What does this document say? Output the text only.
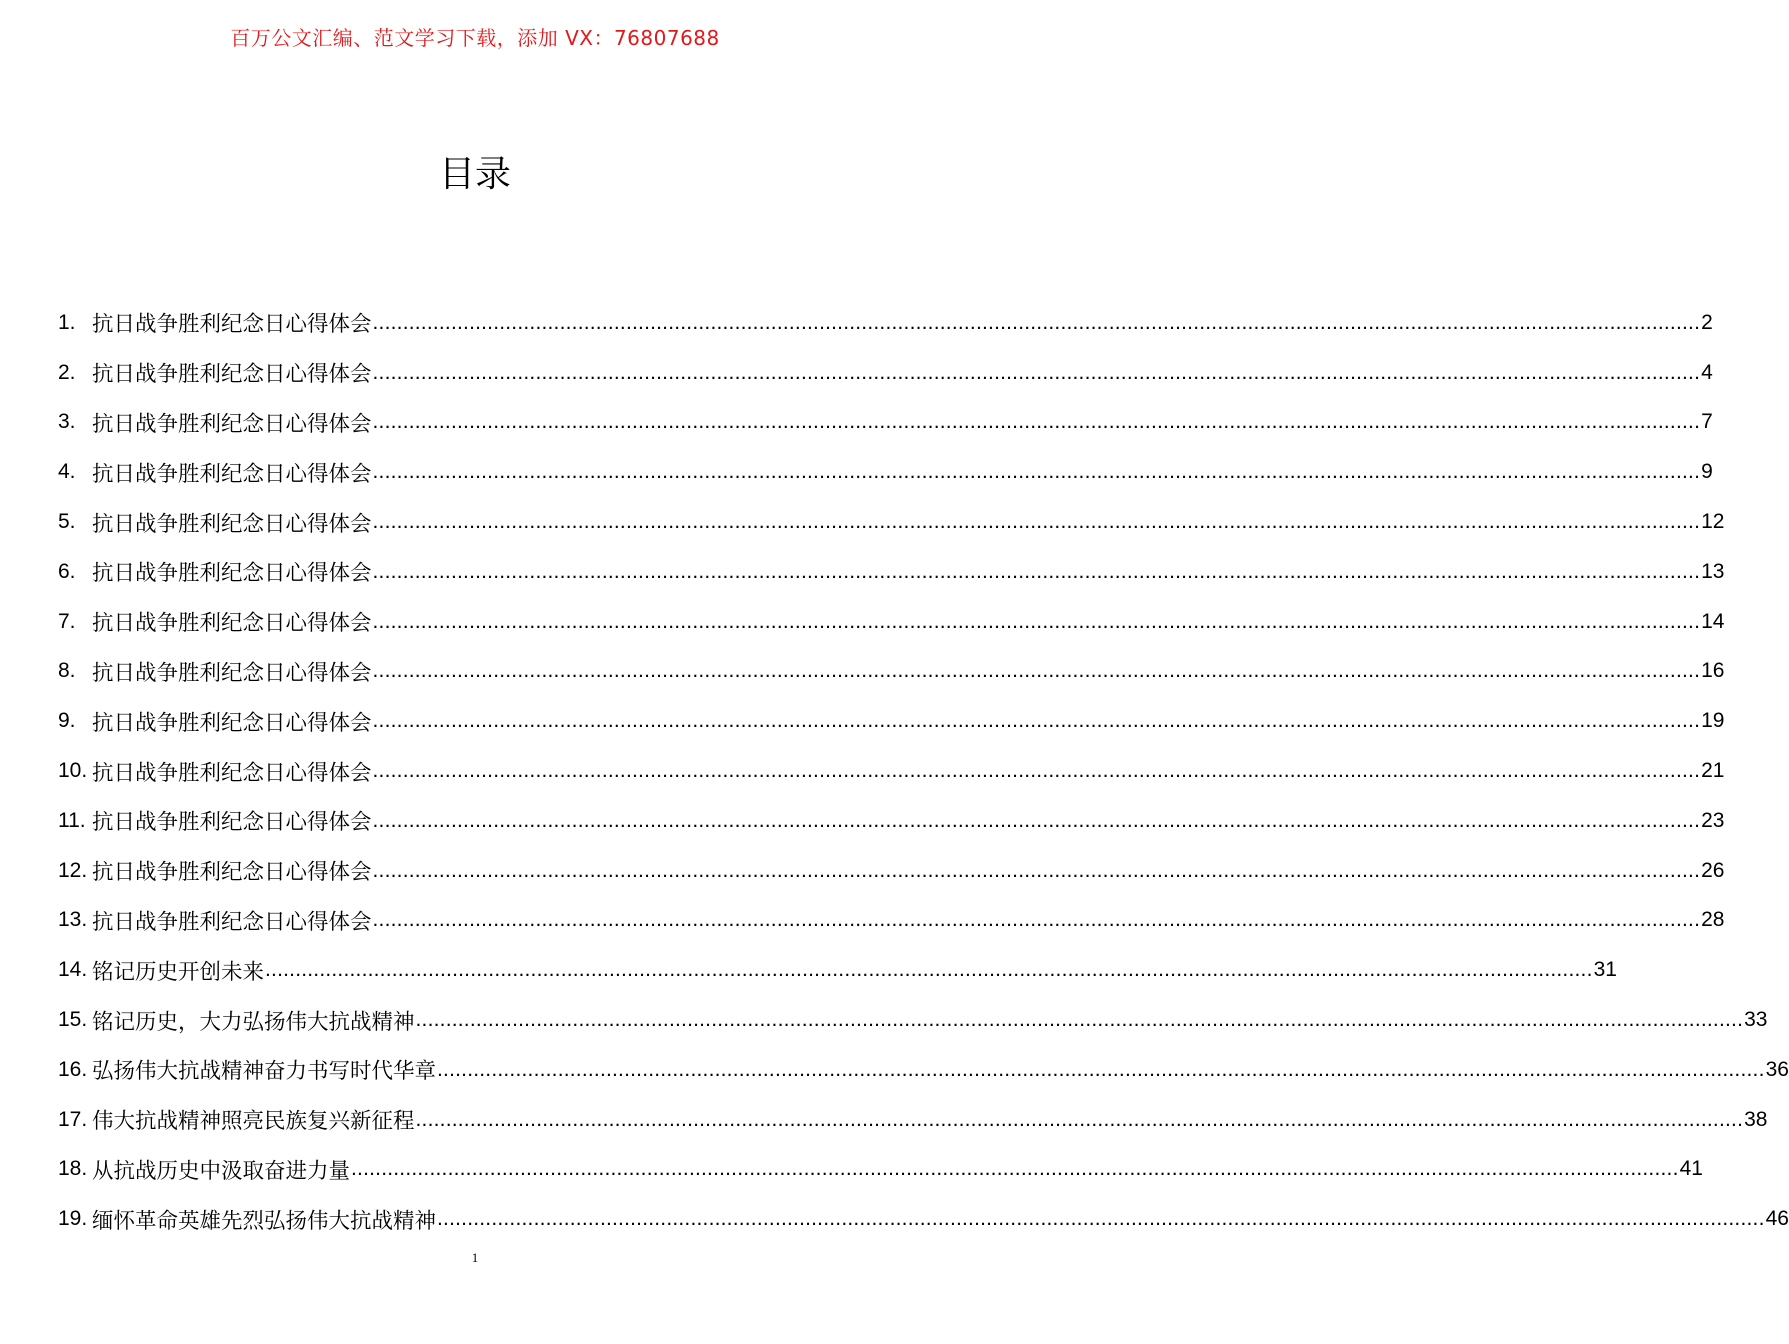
百万公文汇编、范文学习下载，添加 VX：76807688
目录
1. 抗日战争胜利纪念日心得体会 ............................................................................................................................................................................................................................ 2
2. 抗日战争胜利纪念日心得体会 ............................................................................................................................................................................................................................ 4
3. 抗日战争胜利纪念日心得体会 ............................................................................................................................................................................................................................ 7
4. 抗日战争胜利纪念日心得体会 ............................................................................................................................................................................................................................ 9
5. 抗日战争胜利纪念日心得体会 ............................................................................................................................................................................................................................ 12
6. 抗日战争胜利纪念日心得体会 ............................................................................................................................................................................................................................ 13
7. 抗日战争胜利纪念日心得体会 ............................................................................................................................................................................................................................ 14
8. 抗日战争胜利纪念日心得体会 ............................................................................................................................................................................................................................ 16
9. 抗日战争胜利纪念日心得体会 ............................................................................................................................................................................................................................ 19
10. 抗日战争胜利纪念日心得体会 ............................................................................................................................................................................................................................ 21
11. 抗日战争胜利纪念日心得体会 ............................................................................................................................................................................................................................ 23
12. 抗日战争胜利纪念日心得体会 ............................................................................................................................................................................................................................ 26
13. 抗日战争胜利纪念日心得体会 ............................................................................................................................................................................................................................ 28
14. 铭记历史开创未来 ............................................................................................................................................................................................................................ 31
15. 铭记历史，大力弘扬伟大抗战精神 ............................................................................................................................................................................................................................ 33
16. 弘扬伟大抗战精神奋力书写时代华章 ............................................................................................................................................................................................................................ 36
17. 伟大抗战精神照亮民族复兴新征程 ............................................................................................................................................................................................................................ 38
18. 从抗战历史中汲取奋进力量 ............................................................................................................................................................................................................................ 41
19. 缅怀革命英雄先烈弘扬伟大抗战精神 ............................................................................................................................................................................................................................ 46
1
